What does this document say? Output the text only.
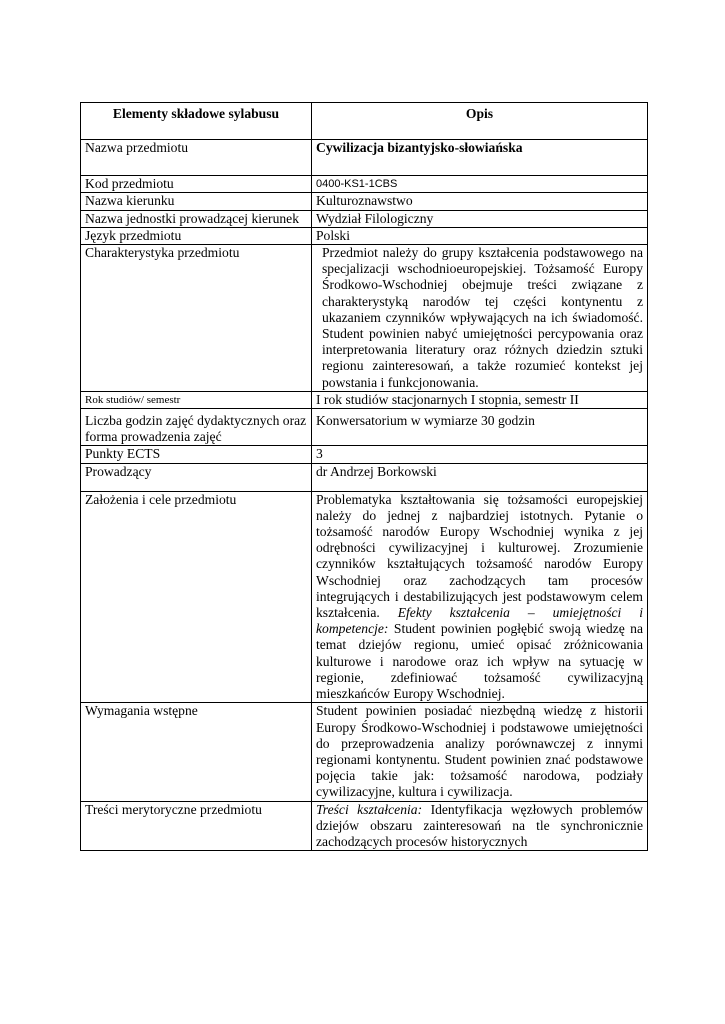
Elementy składowe sylabusu	Opis
Nazwa przedmiotu	Cywilizacja bizantyjsko-słowiańska
Kod przedmiotu	0400-KS1-1CBS
Nazwa kierunku	Kulturoznawstwo
Nazwa jednostki prowadzącej kierunek	Wydział Filologiczny
Język przedmiotu	Polski
Charakterystyka przedmiotu	Przedmiot należy do grupy kształcenia podstawowego na specjalizacji wschodnioeuropejskiej. Tożsamość Europy Środkowo-Wschodniej obejmuje treści związane z charakterystyką narodów tej części kontynentu z ukazaniem czynników wpływających na ich świadomość. Student powinien nabyć umiejętności percypowania oraz interpretowania literatury oraz różnych dziedzin sztuki regionu zainteresowań, a także rozumieć kontekst jej powstania i funkcjonowania.
Rok studiów/ semestr	I rok studiów stacjonarnych I stopnia, semestr II

Liczba godzin zajęć dydaktycznych oraz
forma prowadzenia zajęć	Konwersatorium w wymiarze 30 godzin
Punkty ECTS	3
Prowadzący	dr Andrzej Borkowski
Założenia i cele przedmiotu	Problematyka kształtowania się tożsamości europejskiej należy do jednej z najbardziej istotnych. Pytanie o tożsamość narodów Europy Wschodniej wynika z jej odrębności cywilizacyjnej i kulturowej. Zrozumienie czynników kształtujących tożsamość narodów Europy Wschodniej oraz zachodzących tam procesów integrujących i destabilizujących jest podstawowym celem kształcenia. Efekty kształcenia – umiejętności i kompetencje: Student powinien pogłębić swoją wiedzę na temat dziejów regionu, umieć opisać zróżnicowania kulturowe i narodowe oraz ich wpływ na sytuację w regionie, zdefiniować tożsamość cywilizacyjną mieszkańców Europy Wschodniej.
Wymagania wstępne	Student powinien posiadać niezbędną wiedzę z historii Europy Środkowo-Wschodniej i podstawowe umiejętności do przeprowadzenia analizy porównawczej z innymi regionami kontynentu. Student powinien znać podstawowe pojęcia takie jak: tożsamość narodowa, podziały cywilizacyjne, kultura i cywilizacja.
Treści merytoryczne przedmiotu	Treści kształcenia: Identyfikacja węzłowych problemów dziejów obszaru zainteresowań na tle synchronicznie zachodzących procesów historycznych
